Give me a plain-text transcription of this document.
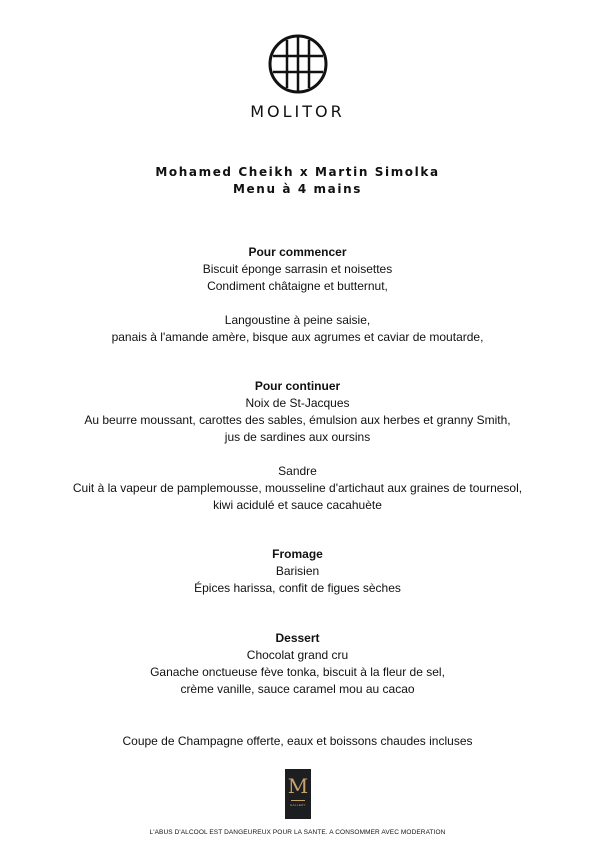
MOLITOR
Mohamed Cheikh x Martin Simolka
Menu à 4 mains
Pour commencer
Biscuit éponge sarrasin et noisettes
Condiment châtaigne et butternut,
Langoustine à peine saisie,
panais à l'amande amère, bisque aux agrumes et caviar de moutarde,
Pour continuer
Noix de St-Jacques
Au beurre moussant, carottes des sables, émulsion aux herbes et granny Smith,
jus de sardines aux oursins
Sandre
Cuit à la vapeur de pamplemousse, mousseline d'artichaut aux graines de tournesol,
kiwi acidulé et sauce cacahuète
Fromage
Barisien
Épices harissa, confit de figues sèches
Dessert
Chocolat grand cru
Ganache onctueuse fève tonka, biscuit à la fleur de sel,
crème vanille, sauce caramel mou au cacao
Coupe de Champagne offerte, eaux et boissons chaudes incluses
M
GALLERY
L'ABUS D'ALCOOL EST DANGEUREUX POUR LA SANTE. A CONSOMMER AVEC MODERATION
